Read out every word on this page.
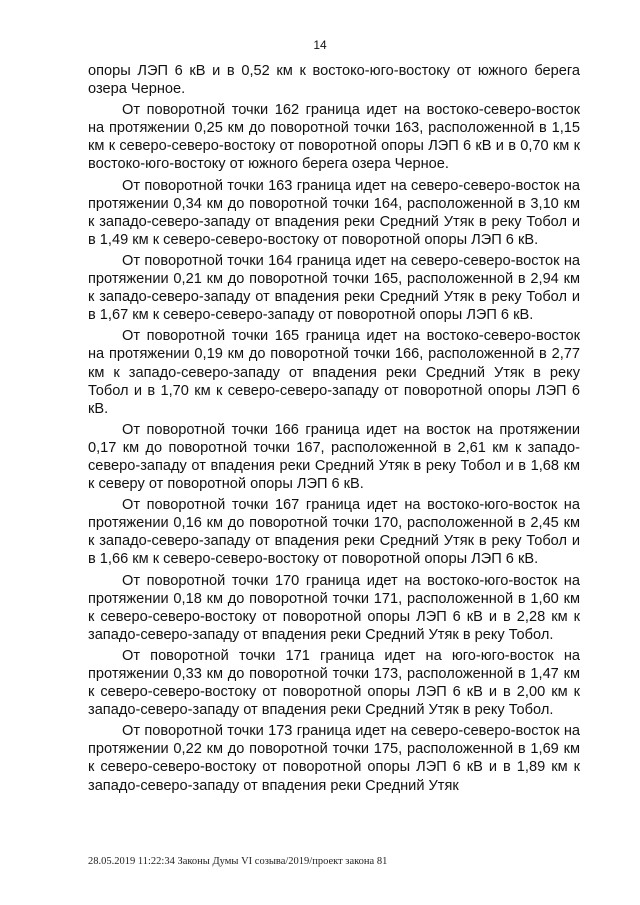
14

опоры ЛЭП 6 кВ и в 0,52 км к востоко-юго-востоку от южного берега озера Черное.

От поворотной точки 162 граница идет на востоко-северо-восток на протяжении 0,25 км до поворотной точки 163, расположенной в 1,15 км к северо-северо-востоку от поворотной опоры ЛЭП 6 кВ и в 0,70 км к востоко-юго-востоку от южного берега озера Черное.

От поворотной точки 163 граница идет на северо-северо-восток на протяжении 0,34 км до поворотной точки 164, расположенной в 3,10 км к западо-северо-западу от впадения реки Средний Утяк в реку Тобол и в 1,49 км к северо-северо-востоку от поворотной опоры ЛЭП 6 кВ.

От поворотной точки 164 граница идет на северо-северо-восток на протяжении 0,21 км до поворотной точки 165, расположенной в 2,94 км к западо-северо-западу от впадения реки Средний Утяк в реку Тобол и в 1,67 км к северо-северо-западу от поворотной опоры ЛЭП 6 кВ.

От поворотной точки 165 граница идет на востоко-северо-восток на протяжении 0,19 км до поворотной точки 166, расположенной в 2,77 км к западо-северо-западу от впадения реки Средний Утяк в реку Тобол и в 1,70 км к северо-северо-западу от поворотной опоры ЛЭП 6 кВ.

От поворотной точки 166 граница идет на восток на протяжении 0,17 км до поворотной точки 167, расположенной в 2,61 км к западо-северо-западу от впадения реки Средний Утяк в реку Тобол и в 1,68 км к северу от поворотной опоры ЛЭП 6 кВ.

От поворотной точки 167 граница идет на востоко-юго-восток на протяжении 0,16 км до поворотной точки 170, расположенной в 2,45 км к западо-северо-западу от впадения реки Средний Утяк в реку Тобол и в 1,66 км к северо-северо-востоку от поворотной опоры ЛЭП 6 кВ.

От поворотной точки 170 граница идет на востоко-юго-восток на протяжении 0,18 км до поворотной точки 171, расположенной в 1,60 км к северо-северо-востоку от поворотной опоры ЛЭП 6 кВ и в 2,28 км к западо-северо-западу от впадения реки Средний Утяк в реку Тобол.

От поворотной точки 171 граница идет на юго-юго-восток на протяжении 0,33 км до поворотной точки 173, расположенной в 1,47 км к северо-северо-востоку от поворотной опоры ЛЭП 6 кВ и в 2,00 км к западо-северо-западу от впадения реки Средний Утяк в реку Тобол.

От поворотной точки 173 граница идет на северо-северо-восток на протяжении 0,22 км до поворотной точки 175, расположенной в 1,69 км к северо-северо-востоку от поворотной опоры ЛЭП 6 кВ и в 1,89 км к западо-северо-западу от впадения реки Средний Утяк

28.05.2019 11:22:34 Законы Думы VI созыва/2019/проект закона 81
